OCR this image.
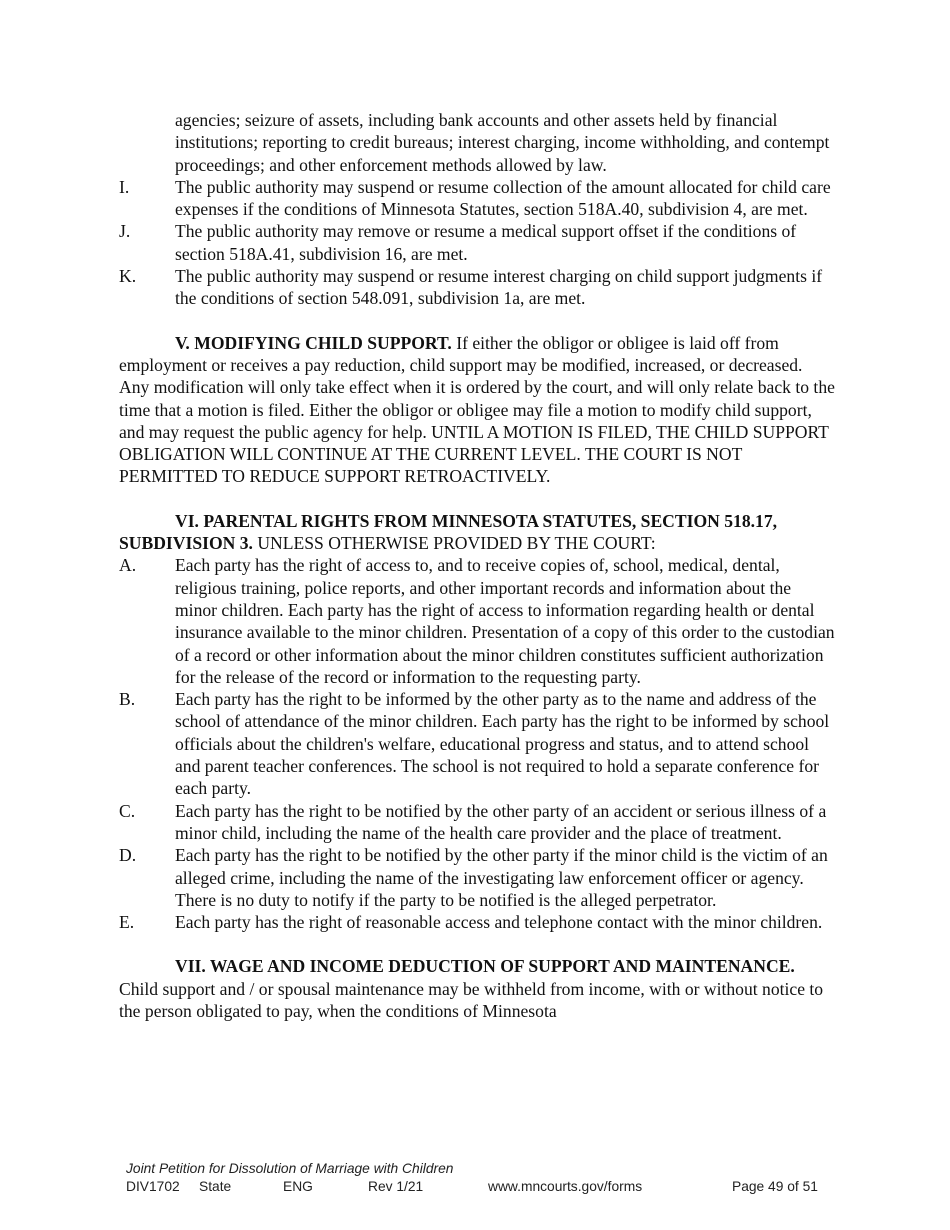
agencies; seizure of assets, including bank accounts and other assets held by financial institutions; reporting to credit bureaus; interest charging, income withholding, and contempt proceedings; and other enforcement methods allowed by law.
I.	The public authority may suspend or resume collection of the amount allocated for child care expenses if the conditions of Minnesota Statutes, section 518A.40, subdivision 4, are met.
J.	The public authority may remove or resume a medical support offset if the conditions of section 518A.41, subdivision 16, are met.
K.	The public authority may suspend or resume interest charging on child support judgments if the conditions of section 548.091, subdivision 1a, are met.
V. MODIFYING CHILD SUPPORT. If either the obligor or obligee is laid off from employment or receives a pay reduction, child support may be modified, increased, or decreased. Any modification will only take effect when it is ordered by the court, and will only relate back to the time that a motion is filed. Either the obligor or obligee may file a motion to modify child support, and may request the public agency for help. UNTIL A MOTION IS FILED, THE CHILD SUPPORT OBLIGATION WILL CONTINUE AT THE CURRENT LEVEL. THE COURT IS NOT PERMITTED TO REDUCE SUPPORT RETROACTIVELY.
VI. PARENTAL RIGHTS FROM MINNESOTA STATUTES, SECTION 518.17, SUBDIVISION 3. UNLESS OTHERWISE PROVIDED BY THE COURT:
A.	Each party has the right of access to, and to receive copies of, school, medical, dental, religious training, police reports, and other important records and information about the minor children. Each party has the right of access to information regarding health or dental insurance available to the minor children. Presentation of a copy of this order to the custodian of a record or other information about the minor children constitutes sufficient authorization for the release of the record or information to the requesting party.
B.	Each party has the right to be informed by the other party as to the name and address of the school of attendance of the minor children. Each party has the right to be informed by school officials about the children's welfare, educational progress and status, and to attend school and parent teacher conferences. The school is not required to hold a separate conference for each party.
C.	Each party has the right to be notified by the other party of an accident or serious illness of a minor child, including the name of the health care provider and the place of treatment.
D.	Each party has the right to be notified by the other party if the minor child is the victim of an alleged crime, including the name of the investigating law enforcement officer or agency. There is no duty to notify if the party to be notified is the alleged perpetrator.
E.	Each party has the right of reasonable access and telephone contact with the minor children.
VII. WAGE AND INCOME DEDUCTION OF SUPPORT AND MAINTENANCE. Child support and / or spousal maintenance may be withheld from income, with or without notice to the person obligated to pay, when the conditions of Minnesota
Joint Petition for Dissolution of Marriage with Children
DIV1702 State	ENG	Rev 1/21	www.mncourts.gov/forms	Page 49 of 51
